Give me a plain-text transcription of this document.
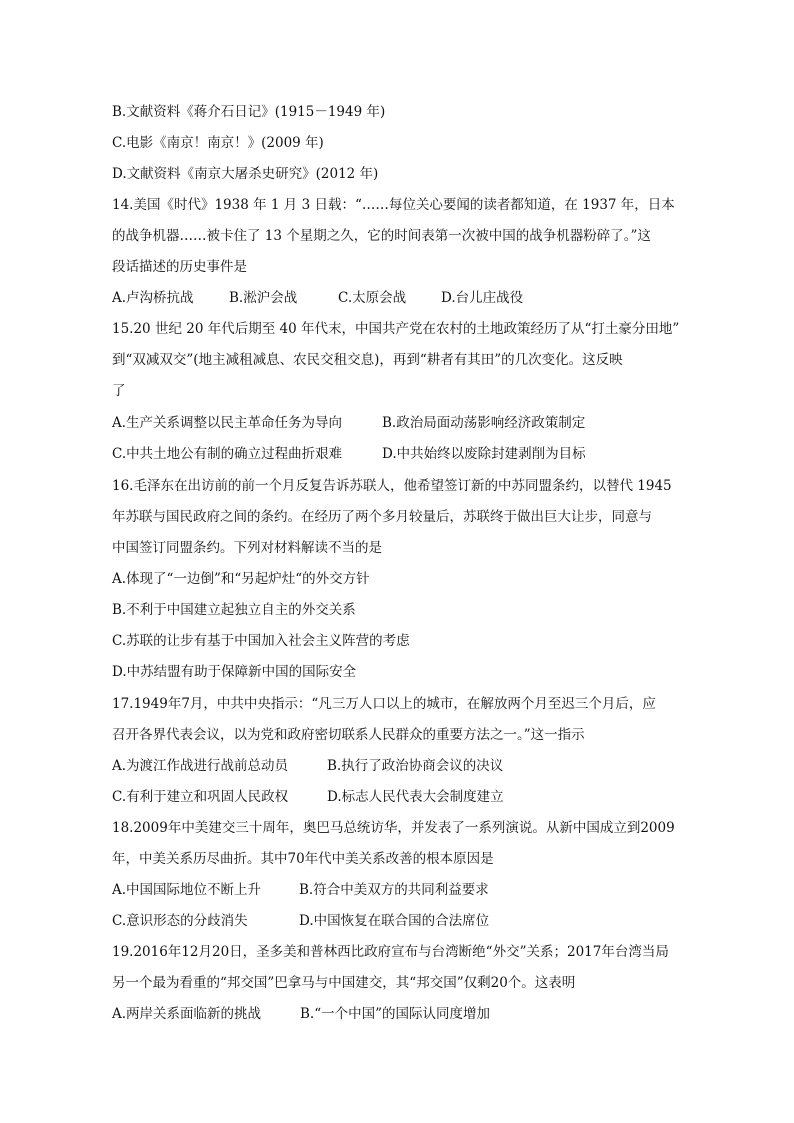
B.文献资料《蒋介石日记》(1915－1949 年)
C.电影《南京！南京！》(2009 年)
D.文献资料《南京大屠杀史研究》(2012 年)
14.美国《时代》1938 年 1 月 3 日载：“……每位关心要闻的读者都知道，在 1937 年，日本
的战争机器……被卡住了 13 个星期之久，它的时间表第一次被中国的战争机器粉碎了。”这
段话描述的历史事件是
A.卢沟桥抗战	B.淞沪会战	C.太原会战	D.台儿庄战役
15.20 世纪 20 年代后期至 40 年代末，中国共产党在农村的土地政策经历了从“打土豪分田地”
到“双减双交”(地主减租减息、农民交租交息)，再到“耕者有其田”的几次变化。这反映
了
A.生产关系调整以民主革命任务为导向	B.政治局面动荡影响经济政策制定
C.中共土地公有制的确立过程曲折艰难	D.中共始终以废除封建剥削为目标
16.毛泽东在出访前的前一个月反复告诉苏联人，他希望签订新的中苏同盟条约，以替代 1945
年苏联与国民政府之间的条约。在经历了两个多月较量后，苏联终于做出巨大让步，同意与
中国签订同盟条约。下列对材料解读不当的是
A.体现了“一边倒”和“另起炉灶“的外交方针
B.不利于中国建立起独立自主的外交关系
C.苏联的让步有基于中国加入社会主义阵营的考虑
D.中苏结盟有助于保障新中国的国际安全
17.1949年7月，中共中央指示：“凡三万人口以上的城市，在解放两个月至迟三个月后，应
召开各界代表会议，以为党和政府密切联系人民群众的重要方法之一。”这一指示
A.为渡江作战进行战前总动员	B.执行了政治协商会议的决议
C.有利于建立和巩固人民政权	D.标志人民代表大会制度建立
18.2009年中美建交三十周年，奥巴马总统访华，并发表了一系列演说。从新中国成立到2009
年，中美关系历尽曲折。其中70年代中美关系改善的根本原因是
A.中国国际地位不断上升	B.符合中美双方的共同利益要求
C.意识形态的分歧消失	D.中国恢复在联合国的合法席位
19.2016年12月20日，圣多美和普林西比政府宣布与台湾断绝“外交”关系；2017年台湾当局
另一个最为看重的“邦交国”巴拿马与中国建交，其“邦交国”仅剩20个。这表明
A.两岸关系面临新的挑战	B.“一个中国”的国际认同度增加
